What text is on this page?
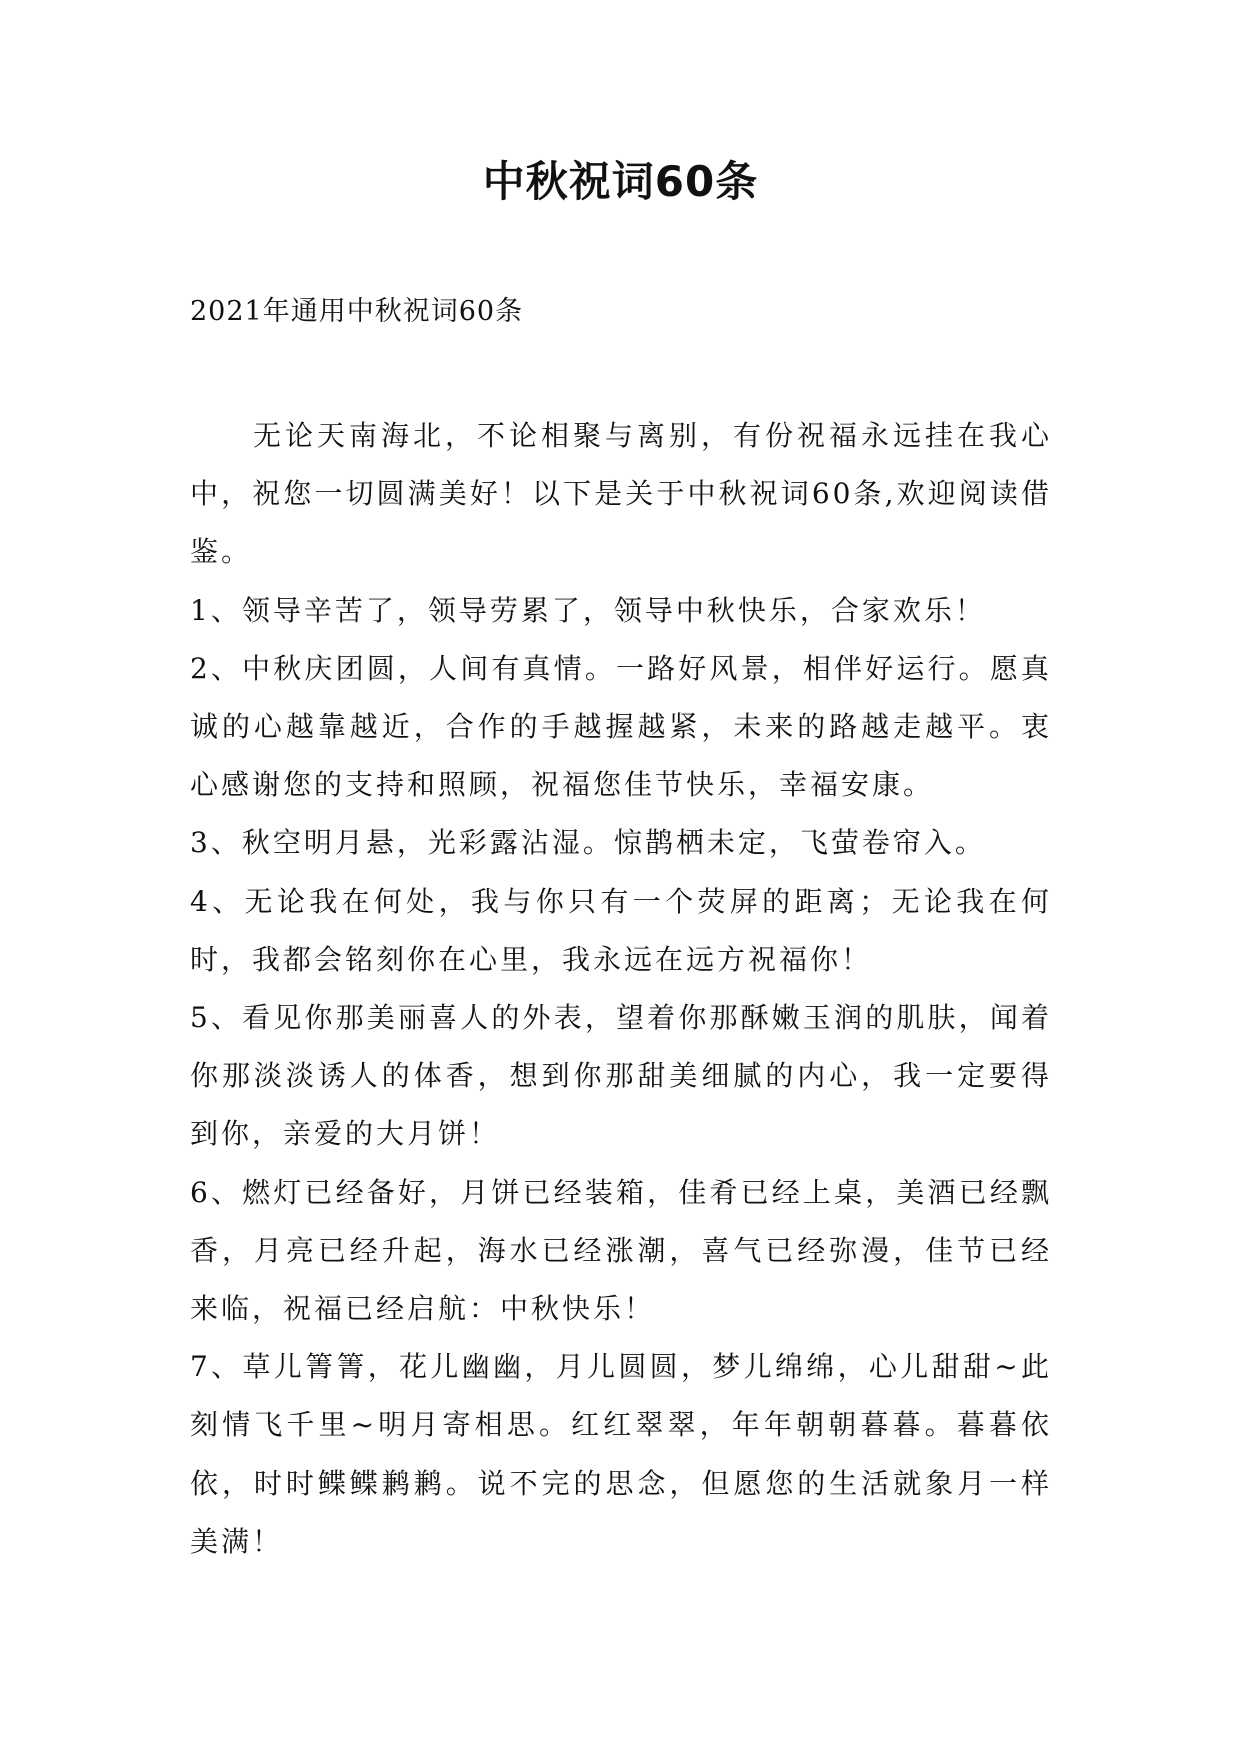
中秋祝词60条
2021年通用中秋祝词60条

无论天南海北，不论相聚与离别，有份祝福永远挂在我心中，祝您一切圆满美好！以下是关于中秋祝词60条,欢迎阅读借鉴。

1、领导辛苦了，领导劳累了，领导中秋快乐，合家欢乐！

2、中秋庆团圆，人间有真情。一路好风景，相伴好运行。愿真诚的心越靠越近，合作的手越握越紧，未来的路越走越平。衷心感谢您的支持和照顾，祝福您佳节快乐，幸福安康。

3、秋空明月悬，光彩露沾湿。惊鹊栖未定，飞萤卷帘入。

4、无论我在何处，我与你只有一个荧屏的距离；无论我在何时，我都会铭刻你在心里，我永远在远方祝福你！

5、看见你那美丽喜人的外表，望着你那酥嫩玉润的肌肤，闻着你那淡淡诱人的体香，想到你那甜美细腻的内心，我一定要得到你，亲爱的大月饼！

6、燃灯已经备好，月饼已经装箱，佳肴已经上桌，美酒已经飘香，月亮已经升起，海水已经涨潮，喜气已经弥漫，佳节已经来临，祝福已经启航：中秋快乐！

7、草儿箐箐，花儿幽幽，月儿圆圆，梦儿绵绵，心儿甜甜~此刻情飞千里~明月寄相思。红红翠翠，年年朝朝暮暮。暮暮依依，时时鲽鲽鹣鹣。说不完的思念，但愿您的生活就象月一样美满！
